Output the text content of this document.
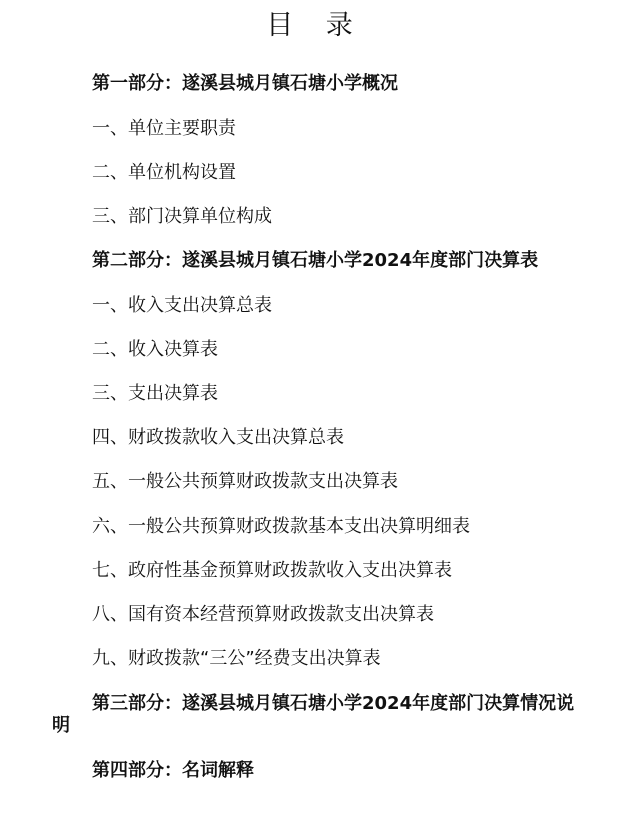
目 录
第一部分：遂溪县城月镇石塘小学概况
一、单位主要职责
二、单位机构设置
三、部门决算单位构成
第二部分：遂溪县城月镇石塘小学2024年度部门决算表
一、收入支出决算总表
二、收入决算表
三、支出决算表
四、财政拨款收入支出决算总表
五、一般公共预算财政拨款支出决算表
六、一般公共预算财政拨款基本支出决算明细表
七、政府性基金预算财政拨款收入支出决算表
八、国有资本经营预算财政拨款支出决算表
九、财政拨款“三公”经费支出决算表
第三部分：遂溪县城月镇石塘小学2024年度部门决算情况说明
第四部分：名词解释
